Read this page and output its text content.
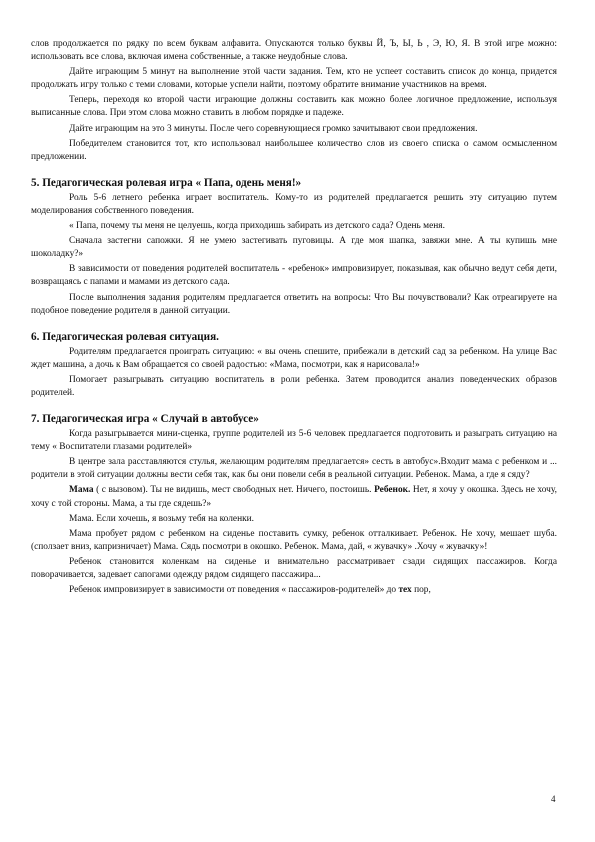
слов продолжается по рядку по всем буквам алфавита. Опускаются только буквы Й, Ъ, Ы, Ь , Э, Ю, Я. В этой игре можно: использовать все слова, включая имена собственные, а также неудобные слова.

Дайте играющим 5 минут на выполнение этой части задания. Тем, кто не успеет составить список до конца, придется продолжать игру только с теми словами, которые успели найти, поэтому обратите внимание участников на время.

Теперь, переходя ко второй части играющие должны составить как можно более логичное предложение, используя выписанные слова. При этом слова можно ставить в любом порядке и падеже.

Дайте играющим на это 3 минуты. После чего соревнующиеся громко зачитывают свои предложения.

Победителем становится тот, кто использовал наибольшее количество слов из своего списка о самом осмысленном предложении.

5. Педагогическая ролевая игра « Папа, одень меня!»

Роль 5-6 летнего ребенка играет воспитатель. Кому-то из родителей предлагается решить эту ситуацию путем моделирования собственного поведения.

« Папа, почему ты меня не целуешь, когда приходишь забирать из детского сада? Одень меня.

Сначала застегни сапожки. Я не умею застегивать пуговицы. А где моя шапка, завяжи мне. А ты купишь мне шоколадку?»

В зависимости от поведения родителей воспитатель - «ребенок» импровизирует, показывая, как обычно ведут себя дети, возвращаясь с папами и мамами из детского сада.

После выполнения задания родителям предлагается ответить на вопросы: Что Вы почувствовали? Как отреагируете на подобное поведение родителя в данной ситуации.

6. Педагогическая ролевая ситуация.

Родителям предлагается проиграть ситуацию: « вы очень спешите, прибежали в детский сад за ребенком. На улице Вас ждет машина, а дочь к Вам обращается со своей радостью: «Мама, посмотри, как я нарисовала!»

Помогает разыгрывать ситуацию воспитатель в роли ребенка. Затем проводится анализ поведенческих образов родителей.

7. Педагогическая игра « Случай в автобусе»

Когда разыгрывается мини-сценка, группе родителей из 5-6 человек предлагается подготовить и разыграть ситуацию на тему « Воспитатели глазами родителей»

В центре зала расставляются стулья, желающим родителям предлагается» сесть в автобус».Входит мама с ребенком и ... родители в этой ситуации должны вести себя так, как бы они повели себя в реальной ситуации. Ребенок. Мама, а где я сяду?

Мама ( с вызовом). Ты не видишь, мест свободных нет. Ничего, постоишь. Ребенок. Нет, я хочу у окошка. Здесь не хочу, хочу с той стороны. Мама, а ты где сядешь?»

Мама. Если хочешь, я возьму тебя на коленки.

Мама пробует рядом с ребенком на сиденье поставить сумку, ребенок отталкивает. Ребенок. Не хочу, мешает шуба.(сползает вниз, капризничает) Мама. Сядь посмотри в окошко. Ребенок. Мама, дай, « жувачку» .Хочу « жувачку»!

Ребенок становится коленкам на сиденье и внимательно рассматривает сзади сидящих пассажиров. Когда поворачивается, задевает сапогами одежду рядом сидящего пассажира...

Ребенок импровизирует в зависимости от поведения « пассажиров-родителей» до тех пор,

4
